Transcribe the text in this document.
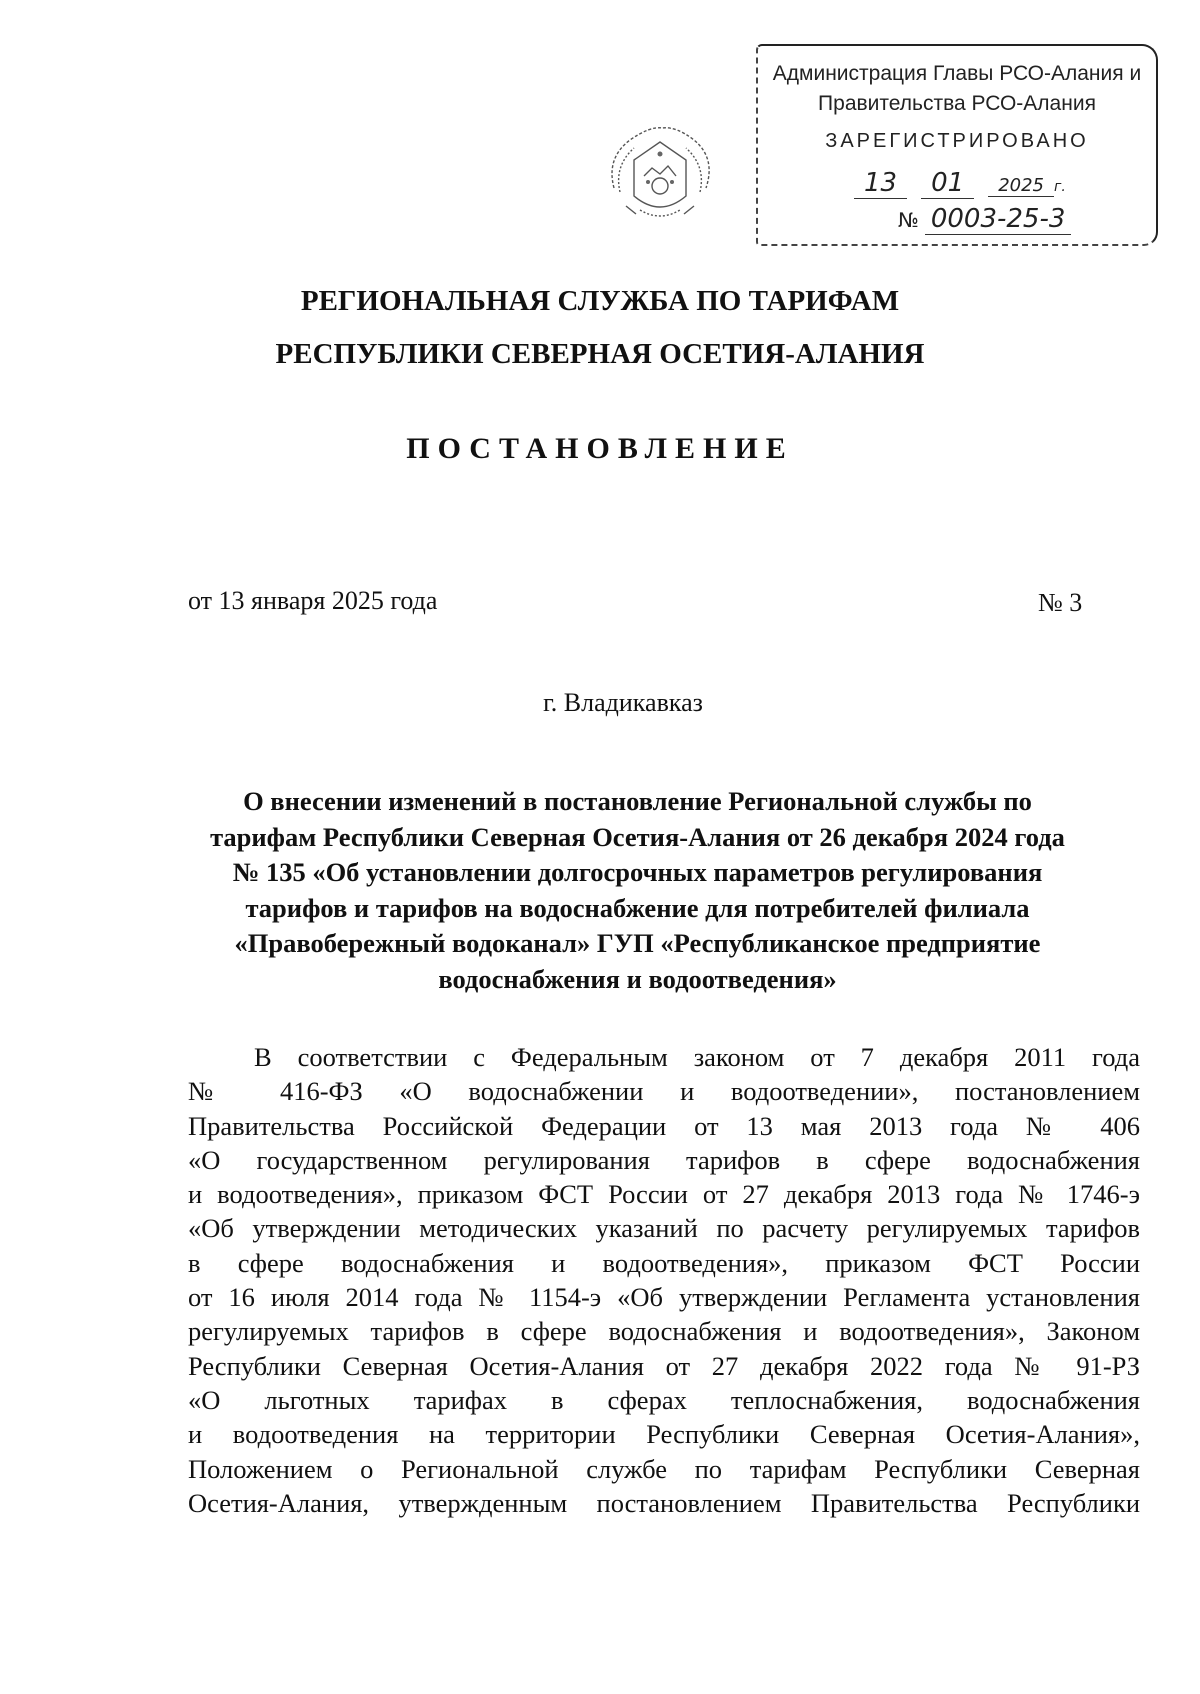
Администрация Главы РСО-Алания и
Правительства РСО-Алания
ЗАРЕГИСТРИРОВАНО
13 01 2025 г.
№ 0003-25-3
РЕГИОНАЛЬНАЯ СЛУЖБА ПО ТАРИФАМ
РЕСПУБЛИКИ СЕВЕРНАЯ ОСЕТИЯ-АЛАНИЯ
ПОСТАНОВЛЕНИЕ
от 13 января 2025 года	№ 3
г. Владикавказ
О внесении изменений в постановление Региональной службы по
тарифам Республики Северная Осетия-Алания от 26 декабря 2024 года
№ 135 «Об установлении долгосрочных параметров регулирования
тарифов и тарифов на водоснабжение для потребителей филиала
«Правобережный водоканал» ГУП «Республиканское предприятие
водоснабжения и водоотведения»
В соответствии с Федеральным законом от 7 декабря 2011 года
№ 416-ФЗ «О водоснабжении и водоотведении», постановлением
Правительства Российской Федерации от 13 мая 2013 года № 406
«О государственном регулирования тарифов в сфере водоснабжения
и водоотведения», приказом ФСТ России от 27 декабря 2013 года № 1746-э
«Об утверждении методических указаний по расчету регулируемых тарифов
в сфере водоснабжения и водоотведения», приказом ФСТ России
от 16 июля 2014 года № 1154-э «Об утверждении Регламента установления
регулируемых тарифов в сфере водоснабжения и водоотведения», Законом
Республики Северная Осетия-Алания от 27 декабря 2022 года № 91-РЗ
«О льготных тарифах в сферах теплоснабжения, водоснабжения
и водоотведения на территории Республики Северная Осетия-Алания»,
Положением о Региональной службе по тарифам Республики Северная
Осетия-Алания, утвержденным постановлением Правительства Республики
